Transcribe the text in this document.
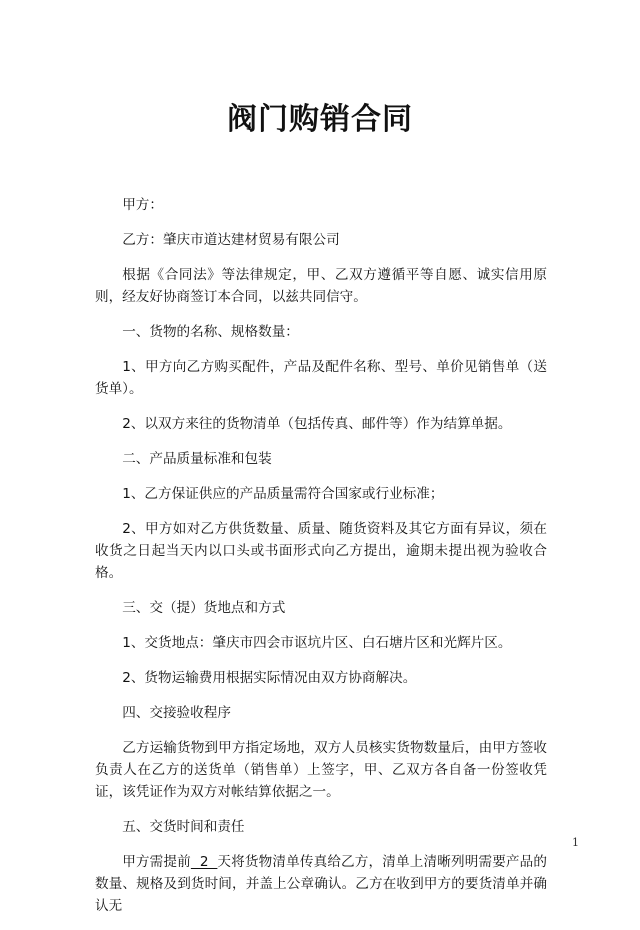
阀门购销合同

甲方：

乙方：肇庆市道达建材贸易有限公司

根据《合同法》等法律规定，甲、乙双方遵循平等自愿、诚实信用原则，经友好协商签订本合同，以兹共同信守。

一、货物的名称、规格数量：

1、甲方向乙方购买配件，产品及配件名称、型号、单价见销售单（送货单）。

2、以双方来往的货物清单（包括传真、邮件等）作为结算单据。

二、产品质量标准和包装

1、乙方保证供应的产品质量需符合国家或行业标准；

2、甲方如对乙方供货数量、质量、随货资料及其它方面有异议，须在收货之日起当天内以口头或书面形式向乙方提出，逾期未提出视为验收合格。

三、交（提）货地点和方式

1、交货地点：肇庆市四会市讴坑片区、白石塘片区和光辉片区。

2、货物运输费用根据实际情况由双方协商解决。

四、交接验收程序

乙方运输货物到甲方指定场地，双方人员核实货物数量后，由甲方签收负责人在乙方的送货单（销售单）上签字，甲、乙双方各自备一份签收凭证，该凭证作为双方对帐结算依据之一。

五、交货时间和责任

甲方需提前  2  天将货物清单传真给乙方，清单上清晰列明需要产品的数量、规格及到货时间，并盖上公章确认。乙方在收到甲方的要货清单并确认无

1
